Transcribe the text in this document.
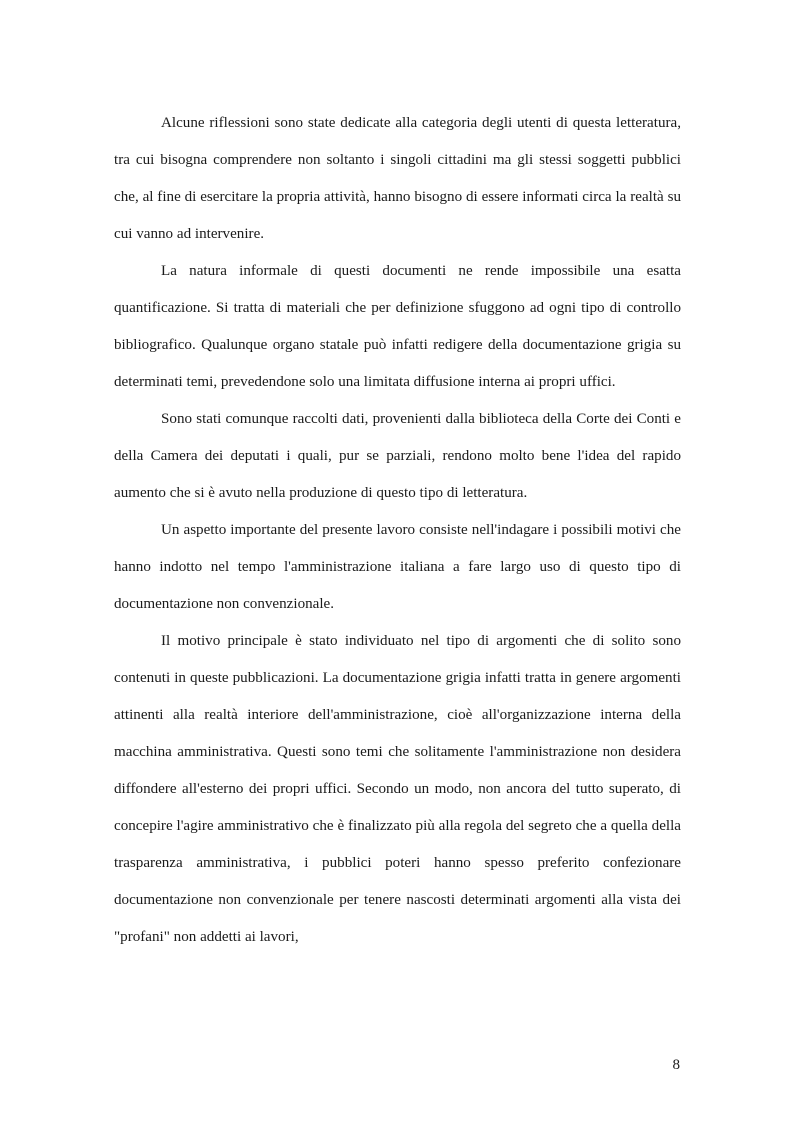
Alcune riflessioni sono state dedicate alla categoria degli utenti di questa letteratura, tra cui bisogna comprendere non soltanto i singoli cittadini ma gli stessi soggetti pubblici che, al fine di esercitare la propria attività, hanno bisogno di essere informati circa la realtà su cui vanno ad intervenire.

La natura informale di questi documenti ne rende impossibile una esatta quantificazione. Si tratta di materiali che per definizione sfuggono ad ogni tipo di controllo bibliografico. Qualunque organo statale può infatti redigere della documentazione grigia su determinati temi, prevedendone solo una limitata diffusione interna ai propri uffici.

Sono stati comunque raccolti dati, provenienti dalla biblioteca della Corte dei Conti e della Camera dei deputati i quali, pur se parziali, rendono molto bene l'idea del rapido aumento che si è avuto nella produzione di questo tipo di letteratura.

Un aspetto importante del presente lavoro consiste nell'indagare i possibili motivi che hanno indotto nel tempo l'amministrazione italiana a fare largo uso di questo tipo di documentazione non convenzionale.

Il motivo principale è stato individuato nel tipo di argomenti che di solito sono contenuti in queste pubblicazioni. La documentazione grigia infatti tratta in genere argomenti attinenti alla realtà interiore dell'amministrazione, cioè all'organizzazione interna della macchina amministrativa. Questi sono temi che solitamente l'amministrazione non desidera diffondere all'esterno dei propri uffici. Secondo un modo, non ancora del tutto superato, di concepire l'agire amministrativo che è finalizzato più alla regola del segreto che a quella della trasparenza amministrativa, i pubblici poteri hanno spesso preferito confezionare documentazione non convenzionale per tenere nascosti determinati argomenti alla vista dei "profani" non addetti ai lavori,

8
